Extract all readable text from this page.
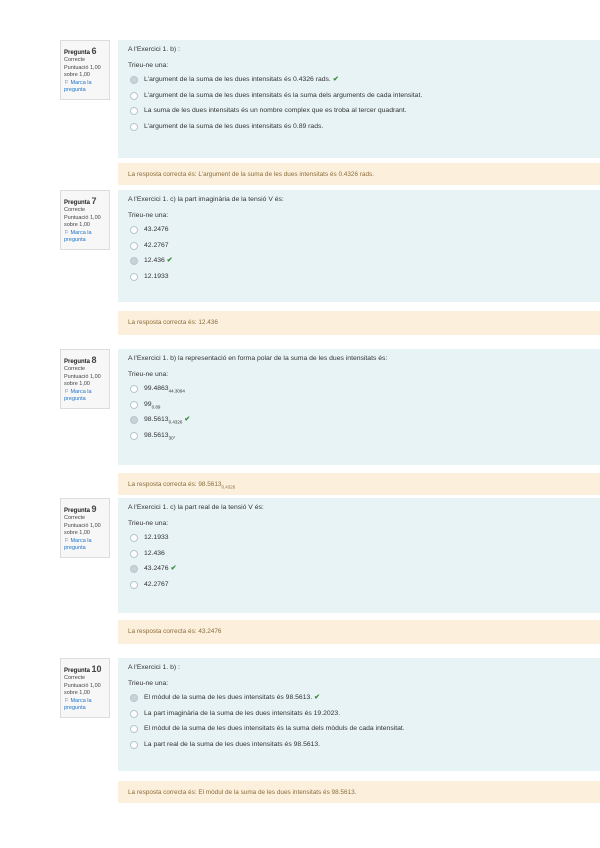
Pregunta 6
Correcte
Puntuació 1,00 sobre 1,00
⚐ Marca la pregunta
A l'Exercici 1. b) :
Trieu-ne una:
L'argument de la suma de les dues intensitats és 0.4326 rads. ✔
L'argument de la suma de les dues intensitats és la suma dels arguments de cada intensitat.
La suma de les dues intensitats és un nombre complex que es troba al tercer quadrant.
L'argument de la suma de les dues intensitats és 0.89 rads.
La resposta correcta és: L'argument de la suma de les dues intensitats és 0.4326 rads.
Pregunta 7
Correcte
Puntuació 1,00 sobre 1,00
⚐ Marca la pregunta
A l'Exercici 1. c) la part imaginària de la tensió V és:
Trieu-ne una:
43.2476
42.2767
12.436 ✔
12.1933
La resposta correcta és: 12.436
Pregunta 8
Correcte
Puntuació 1,00 sobre 1,00
⚐ Marca la pregunta
A l'Exercici 1. b) la representació en forma polar de la suma de les dues intensitats és:
Trieu-ne una:
$99.4863_{44.3094}$
$99_{0.89}$
$98.5613_{0.4326}$ ✔
$98.5613_{30^\circ}$
La resposta correcta és: $98.5613_{0.4326}$
Pregunta 9
Correcte
Puntuació 1,00 sobre 1,00
⚐ Marca la pregunta
A l'Exercici 1. c) la part real de la tensió V és:
Trieu-ne una:
12.1933
12.436
43.2476 ✔
42.2767
La resposta correcta és: 43.2476
Pregunta 10
Correcte
Puntuació 1,00 sobre 1,00
⚐ Marca la pregunta
A l'Exercici 1. b) :
Trieu-ne una:
El mòdul de la suma de les dues intensitats és 98.5613. ✔
La part imaginària de la suma de les dues intensitats és 19.2023.
El mòdul de la suma de les dues intensitats és la suma dels mòduls de cada intensitat.
La part real de la suma de les dues intensitats és 98.5613.
La resposta correcta és: El mòdul de la suma de les dues intensitats és 98.5613.
